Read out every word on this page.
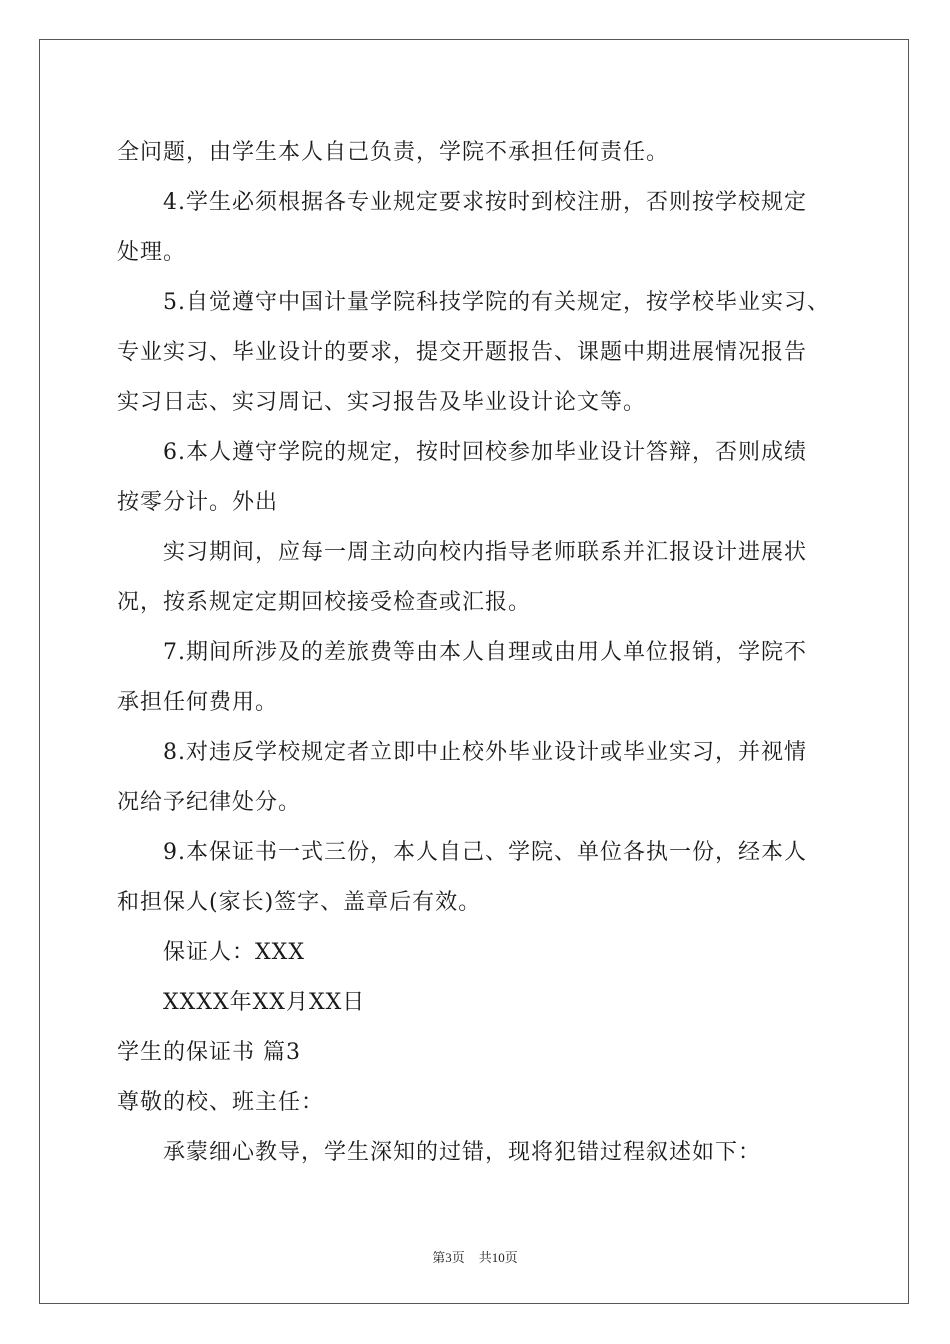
全问题，由学生本人自己负责，学院不承担任何责任。
4.学生必须根据各专业规定要求按时到校注册，否则按学校规定
处理。
5.自觉遵守中国计量学院科技学院的有关规定，按学校毕业实习、
专业实习、毕业设计的要求，提交开题报告、课题中期进展情况报告
实习日志、实习周记、实习报告及毕业设计论文等。
6.本人遵守学院的规定，按时回校参加毕业设计答辩，否则成绩
按零分计。外出
实习期间，应每一周主动向校内指导老师联系并汇报设计进展状
况，按系规定定期回校接受检查或汇报。
7.期间所涉及的差旅费等由本人自理或由用人单位报销，学院不
承担任何费用。
8.对违反学校规定者立即中止校外毕业设计或毕业实习，并视情
况给予纪律处分。
9.本保证书一式三份，本人自己、学院、单位各执一份，经本人
和担保人(家长)签字、盖章后有效。
保证人：XXX
XXXX年XX月XX日
学生的保证书 篇3
尊敬的校、班主任：
承蒙细心教导，学生深知的过错，现将犯错过程叙述如下：
第3页 共10页
